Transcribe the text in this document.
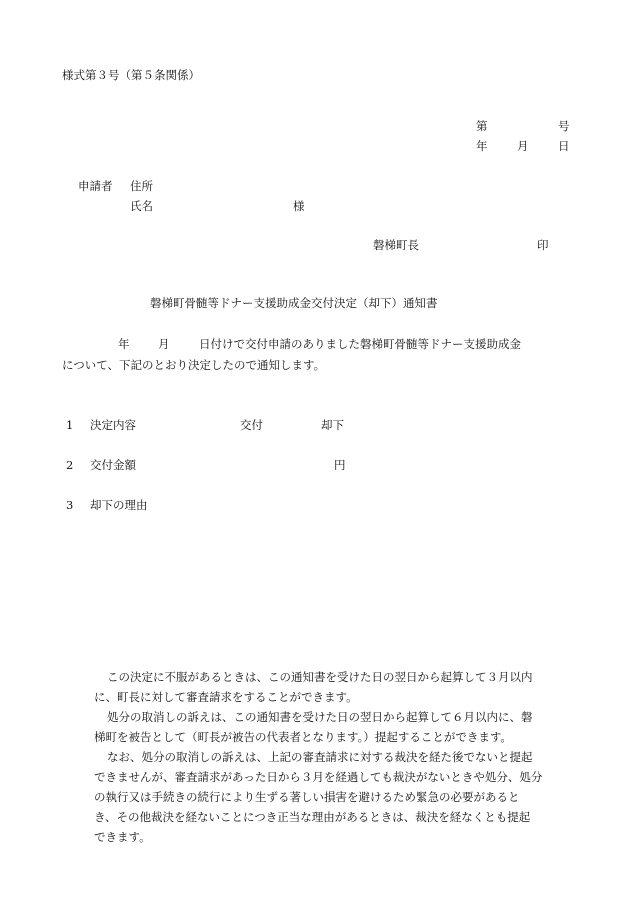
様式第３号（第５条関係）
第	号
年	月	日
申請者 住所
氏名	様
磐梯町長	印
磐梯町骨髄等ドナー支援助成金交付決定（却下）通知書
年 月	日付けで交付申請のありました磐梯町骨髄等ドナー支援助成金
について、下記のとおり決定したので通知します。
1 決定内容	交付	却下
2 交付金額	円
3 却下の理由
この決定に不服があるときは、この通知書を受けた日の翌日から起算して３月以内
に、町長に対して審査請求をすることができます。
処分の取消しの訴えは、この通知書を受けた日の翌日から起算して６月以内に、磐
梯町を被告として（町長が被告の代表者となります。）提起することができます。
なお、処分の取消しの訴えは、上記の審査請求に対する裁決を経た後でないと提起
できませんが、審査請求があった日から３月を経過しても裁決がないときや処分、処分
の執行又は手続きの続行により生ずる著しい損害を避けるため緊急の必要があると
き、その他裁決を経ないことにつき正当な理由があるときは、裁決を経なくとも提起
できます。
